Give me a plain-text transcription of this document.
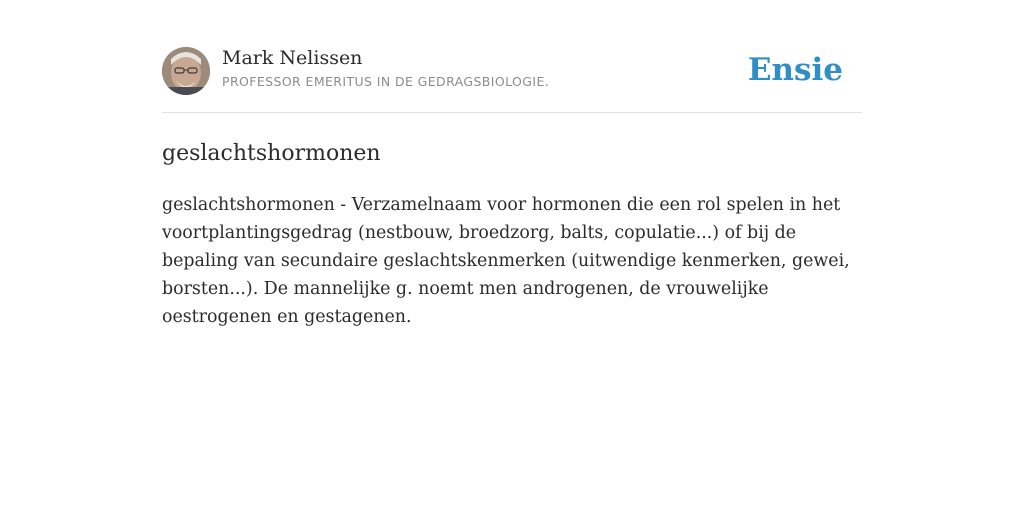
Mark Nelissen
PROFESSOR EMERITUS IN DE GEDRAGSBIOLOGIE.	Ensie
geslachtshormonen

geslachtshormonen - Verzamelnaam voor hormonen die een rol spelen in het voortplantingsgedrag (nestbouw, broedzorg, balts, copulatie...) of bij de bepaling van secundaire geslachtskenmerken (uitwendige kenmerken, gewei, borsten...). De mannelijke g. noemt men androgenen, de vrouwelijke oestrogenen en gestagenen.
